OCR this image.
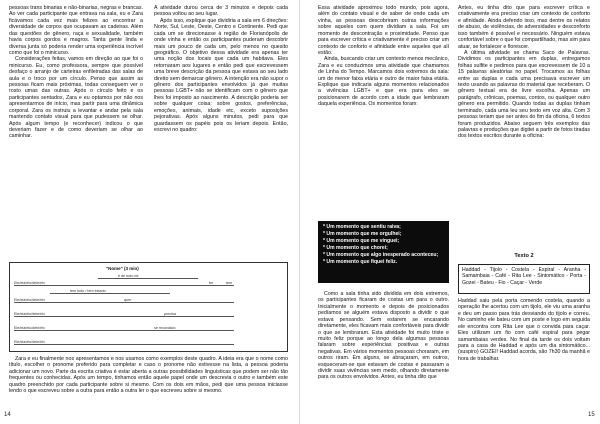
pessoas trans binarias e não-binarias, negras e brancas. Ao ver cada participante que entrava na sala, eu e Zara ficávamos cada vez mais felizes ao encontrar a diversidade de corpos que ocupavam as cadeiras. Além das questões de gênero, raça e sexualidade, também havia corpos gordos e magros. Tanta gente linda e diversa junta só poderia render uma experiência incrível como que foi o minicurso.

Considerações feitas, vamos em direção ao que foi o minicurso. Eu, como professora, sempre que possível desfaço o arranjo de carteiras enfileiradas das salas de aula e o troco por um círculo. Penso que assim as pessoas ficam mais próximas, todas conseguem ver o rosto umas das outras. Após o círculo feito e os participantes sentados, Zara e eu optamos por não nos apresentarmos de início, mas partir para uma dinâmica corporal. Zara os instruiu a levantar e andar pela sala mantendo contato visual para que pudessem se olhar. Após algum tempo (e reconhecer) indicou o que deveriam fazer e de como deveriam se olhar ao caminhar.

A atividade durou cerca de 3 minutos e depois cada pessoa voltou ao seu lugar.

Após isso, explique que dividiria a sala em 6 direções: Norte, Sul, Leste, Oeste, Centro e Continente. Pedi que cada um se direcionasse à região de Florianópolis de onde vinha e então os participantes puderam descobrir mais um pouco de cada um, pelo menos no quesito geográfico. O objetivo dessa atividade era apenas ter uma noção dos locais que cada um habitava. Eles retornaram aos lugares e então pedi que escrevessem uma breve descrição da pessoa que estava ao seu lado direito sem demarcar gênero. A intenção era não supor o gênero dos participantes envolvidos já que muitas pessoas LGBT+ não se identificam com o gênero que lhes foi imposto ao nascimento. A descrição poderia ser sobre qualquer coisa: sobre gostos, preferências, emoções, animais, idade etc, exceto suposições pejorativas. Após alguns minutos, pedi para que guardassem os papéis pois os leriam depois. Então, escrevi no quadro:

"Nome" (3 min)
é de tudo de
Ele/ela/elu/dele/elx	ter	tem
tem tudo / tem estado
Ele/ela/elu/dele/elx	quer
Ele/ela/elu/dele/elx	precisa
Ele/ela/elu/dele/elx	se recordado
Ele/ela/elu/dele/elx

Zara e eu finalmente nos apresentamos e nos usamos como exemplos deste quadro. A ideia era que o nome como título, escolher o pronome preferido para completar e caso o pronome não estivesse na lista, a pessoa poderia adicionar um novo. Parte da escrita criativa é estar aberta a outras possibilidades linguísticas que podem ser não tão frequentes ou conhecidas. Após um tempo, tinhamos então aquele papel onde um descrevia o outro e também este quadro preenchido por cada participante sobre si mesmo. Com os dois em mãos, pedi que uma pessoa iniciasse lendo o que escreveu sobre a outra para então a outra ler o que escreveu sobre si mesmo.

14

Essa atividade aproximou todo mundo, pois agora, além do contato visual e de saber de onde cada um vinha, as pessoas descobriram outras informações sobre aqueles com quem dividiam a sala. Foi um momento de descontração e proximidade. Penso que para escrever crítica e criativamente é preciso criar um contexto de conforto e afinidade entre aqueles que alí estão.

Ainda, buscando criar um contexto menos mecânico, Zara e eu conduzimos uma atividade que chamamos de Linha do Tempo. Marcamos dois extremos da sala: um de menor faixa etária e outro de maior faixa etária. Explique que indicaria alguns momentos relacionados a vivências LGBT+ e que era para eles se posicionarem de acordo com a idade que lembraram daquela experiência. Os momentos foram:

* Um momento que sentiu raiva;
* Um momento que me orgulhei;
* Um momento que me vinguei;
* Um momento que chorei;
* Um momento que algo inesperado aconteceu;
* Um momento que fiquei feliz.

Como a sala tinha sido dividida em dois extremos, os participantes ficaram de costas um para o outro. Inicialmente o momento e depois de posicionados pedíamos se alguém estava disposto a dividir o que estava pensando. Sem estarem se encarando diretamente, eles ficavam mais confortáveis para dividir o que se lembraram. Esta atividade foi muito triste e muito feliz porque ao longo dela algumas pessoas falaram sobre experiências positivas e outras negativas. Em vários momentos pessoas choraram, em outros riram. Em alguns, se abraçaram, em outros, esqueceram-se que estavam de costas e passaram a dividir suas vivências sem medo, olhando diretamente para os outros envolvidos. Antes, eu tinha dito que

Antes, eu tinha dito que para escrever crítica e criativamente era preciso criar um contexto de conforto e afinidade. Ainda defendo isso, mas dentre os relatos de abuso, de violências, de adversidades e desconforto isso também é possível e necessário. Ninguém estava confortável sobre o que foi compartilhado, mas sim para atuar, se fortalecer e florescer.

A última atividade se chama Saco de Palavras. Dividimos os participantes em duplas, entregamos folhas sulfite e pedimos para que escrevessem de 10 a 15 palavras aleatórias no papel. Trocamos as folhas entre as duplas e cada uma precisava escrever um texto usando as palavras do material que receberam. O gênero textual era de livre escolha. Apenas um parágrafo, crônicas, poemas, contos, ou qualquer outro gênero era permitido. Quando todas as duplas tinham terminado, cada uma leu seu texto em voz alta. Com 3 pessoas teriam que ser antes do fim da oficina, 6 textos foram produzidos. Abaixo seguem três exemplos das palavras e produções que digitei a partir de fotos tiradas dos textos escritos durante a oficina:

Texto 2
Haddad - Tijolo - Costela - Espiral - Aranha - Samambaia - Café - Rita Lee - Sintomático - Porta - Gozei - Bateu - Fio - Caçar - Verde

Haddad saiu pela porta comendo costela, quando a operação lhe acertou com um tijolo, ele viu uma aranha e deu um passo para trás desviando do tijolo e correu. No caminho ele bateu com um poste e logo em seguida ele encontra com Rita Lee que o convida para caçar. Eles utilizam um fio com café espiral para pegar samambaias verdes. No final da tarde os dois voltam para a casa de Haddad e após um dia sintomático... (suspiro) GOZEI! Haddad acorda, são 7h30 da manhã e hora de trabalhar.

15
